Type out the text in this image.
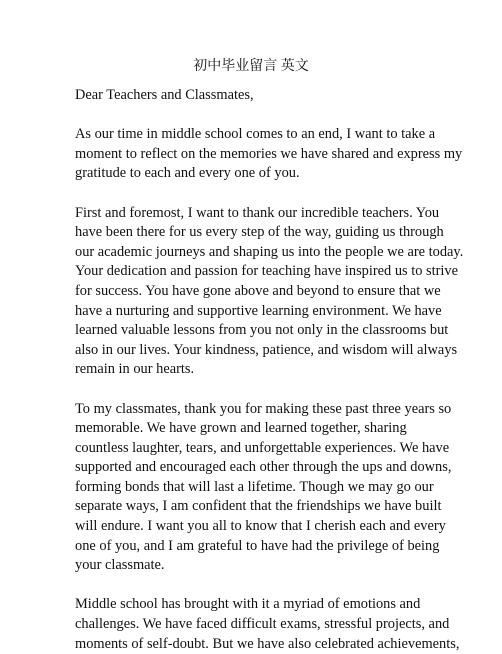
初中毕业留言 英文

Dear Teachers and Classmates,

As our time in middle school comes to an end, I want to take a

moment to reflect on the memories we have shared and express my

gratitude to each and every one of you.

First and foremost, I want to thank our incredible teachers. You

have been there for us every step of the way, guiding us through

our academic journeys and shaping us into the people we are today.

Your dedication and passion for teaching have inspired us to strive

for success. You have gone above and beyond to ensure that we

have a nurturing and supportive learning environment. We have

learned valuable lessons from you not only in the classrooms but

also in our lives. Your kindness, patience, and wisdom will always

remain in our hearts.

To my classmates, thank you for making these past three years so

memorable. We have grown and learned together, sharing

countless laughter, tears, and unforgettable experiences. We have

supported and encouraged each other through the ups and downs,

forming bonds that will last a lifetime. Though we may go our

separate ways, I am confident that the friendships we have built

will endure. I want you all to know that I cherish each and every

one of you, and I am grateful to have had the privilege of being

your classmate.

Middle school has brought with it a myriad of emotions and

challenges. We have faced difficult exams, stressful projects, and

moments of self-doubt. But we have also celebrated achievements,
